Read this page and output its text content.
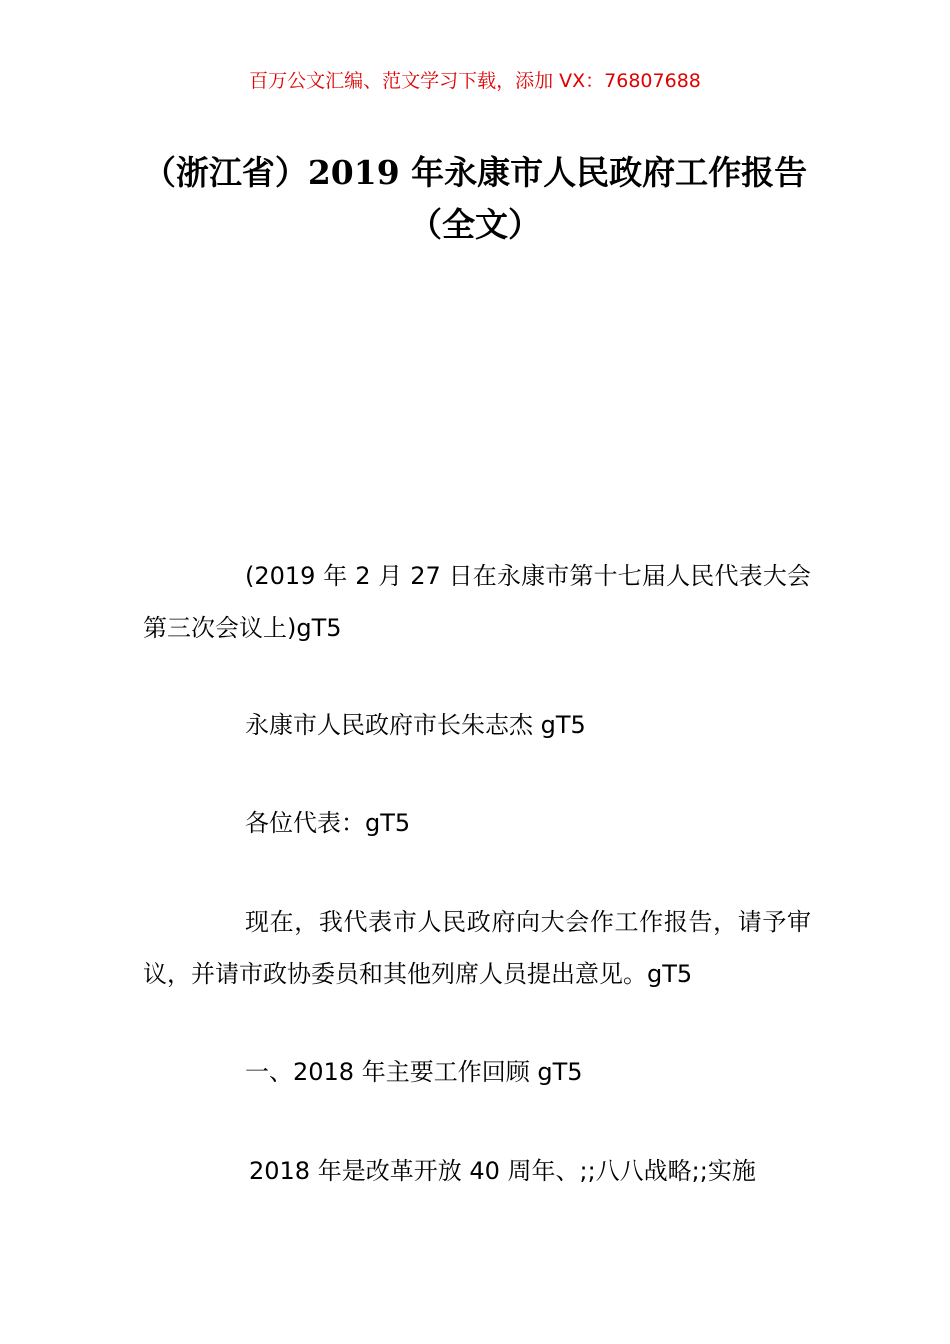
百万公文汇编、范文学习下载，添加 VX：76807688
（浙江省）2019 年永康市人民政府工作报告（全文）

(2019 年 2 月 27 日在永康市第十七届人民代表大会第三次会议上)gT5

永康市人民政府市长朱志杰 gT5

各位代表：gT5

现在，我代表市人民政府向大会作工作报告，请予审议，并请市政协委员和其他列席人员提出意见。gT5

一、2018 年主要工作回顾 gT5

2018 年是改革开放 40 周年、;;八八战略;;实施
